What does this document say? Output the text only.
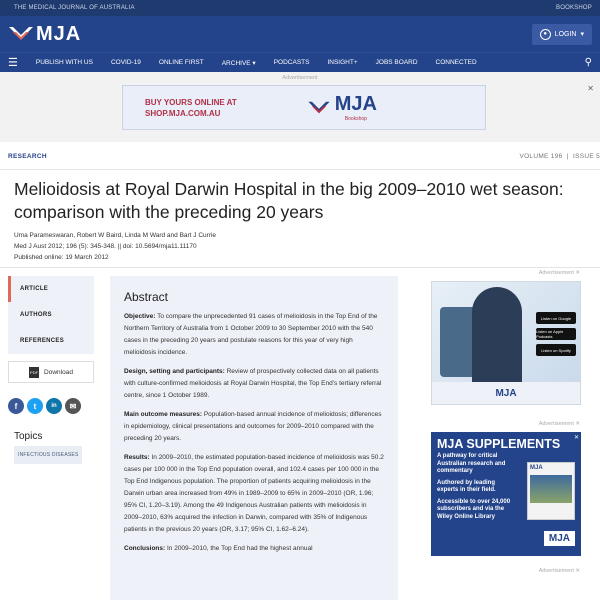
THE MEDICAL JOURNAL OF AUSTRALIA	BOOKSHOP
MJA	●	LOGIN ▾
☰	PUBLISH WITH US	COVID-19	ONLINE FIRST	ARCHIVE ▾	PODCASTS	INSIGHT+	JOBS BOARD	CONNECTED	⚲
Advertisement
✕
BUY YOURS ONLINE AT
SHOP.MJA.COM.AU	MJA
Bookshop
RESEARCH	VOLUME 196  |  ISSUE 5
Melioidosis at Royal Darwin Hospital in the big 2009–2010 wet season: comparison with the preceding 20 years
Uma Parameswaran, Robert W Baird, Linda M Ward and Bart J Currie
Med J Aust 2012; 196 (5): 345-348. || doi: 10.5694/mja11.11170
Published online: 19 March 2012
ARTICLE
AUTHORS
REFERENCES
PDF Download
f	t	in	✉
Topics
INFECTIOUS DISEASES
Abstract

Objective: To compare the unprecedented 91 cases of melioidosis in the Top End of the Northern Territory of Australia from 1 October 2009 to 30 September 2010 with the 540 cases in the preceding 20 years and postulate reasons for this year of very high melioidosis incidence.

Design, setting and participants: Review of prospectively collected data on all patients with culture-confirmed melioidosis at Royal Darwin Hospital, the Top End’s tertiary referral centre, since 1 October 1989.

Main outcome measures: Population-based annual incidence of melioidosis; differences in epidemiology, clinical presentations and outcomes for 2009–2010 compared with the preceding 20 years.

Results: In 2009–2010, the estimated population-based incidence of melioidosis was 50.2 cases per 100 000 in the Top End population overall, and 102.4 cases per 100 000 in the Top End Indigenous population. The proportion of patients acquiring melioidosis in the Darwin urban area increased from 49% in 1989–2009 to 65% in 2009–2010 (OR, 1.96; 95% CI, 1.20–3.19). Among the 49 Indigenous Australian patients with melioidosis in 2009–2010, 63% acquired the infection in Darwin, compared with 35% of Indigenous patients in the previous 20 years (OR, 3.17; 95% CI, 1.62–6.24).

Conclusions: In 2009–2010, the Top End had the highest annual

Advertisement ✕
Listen on Google
Listen on Apple Podcasts
Listen on Spotify
MJA
Advertisement ✕
✕
MJA SUPPLEMENTS
A pathway for critical Australian research and commentary
Authored by leading experts in their field.
Accessible to over 24,000 subscribers and via the Wiley Online Library
MJA
MJA
Advertisement ✕
